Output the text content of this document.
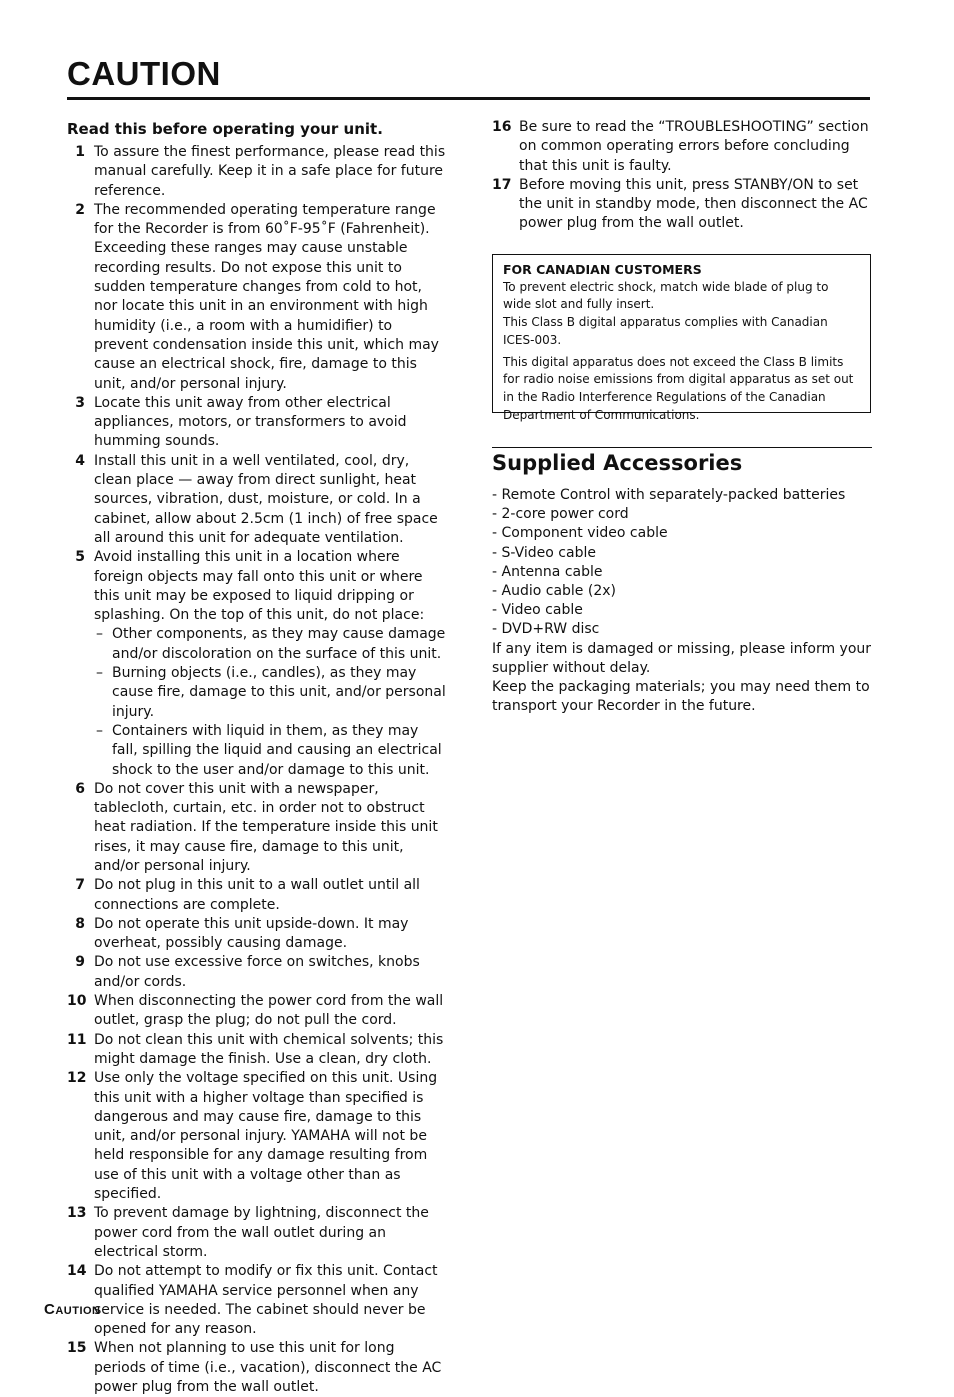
CAUTION
Read this before operating your unit.
1 To assure the finest performance, please read this manual carefully. Keep it in a safe place for future reference.
2 The recommended operating temperature range for the Recorder is from 60˚F-95˚F (Fahrenheit). Exceeding these ranges may cause unstable recording results. Do not expose this unit to sudden temperature changes from cold to hot, nor locate this unit in an environment with high humidity (i.e., a room with a humidifier) to prevent condensation inside this unit, which may cause an electrical shock, fire, damage to this unit, and/or personal injury.
3 Locate this unit away from other electrical appliances, motors, or transformers to avoid humming sounds.
4 Install this unit in a well ventilated, cool, dry, clean place — away from direct sunlight, heat sources, vibration, dust, moisture, or cold. In a cabinet, allow about 2.5cm (1 inch) of free space all around this unit for adequate ventilation.
5 Avoid installing this unit in a location where foreign objects may fall onto this unit or where this unit may be exposed to liquid dripping or splashing. On the top of this unit, do not place:
– Other components, as they may cause damage and/or discoloration on the surface of this unit.
– Burning objects (i.e., candles), as they may cause fire, damage to this unit, and/or personal injury.
– Containers with liquid in them, as they may fall, spilling the liquid and causing an electrical shock to the user and/or damage to this unit.
6 Do not cover this unit with a newspaper, tablecloth, curtain, etc. in order not to obstruct heat radiation. If the temperature inside this unit rises, it may cause fire, damage to this unit, and/or personal injury.
7 Do not plug in this unit to a wall outlet until all connections are complete.
8 Do not operate this unit upside-down. It may overheat, possibly causing damage.
9 Do not use excessive force on switches, knobs and/or cords.
10 When disconnecting the power cord from the wall outlet, grasp the plug; do not pull the cord.
11 Do not clean this unit with chemical solvents; this might damage the finish. Use a clean, dry cloth.
12 Use only the voltage specified on this unit. Using this unit with a higher voltage than specified is dangerous and may cause fire, damage to this unit, and/or personal injury. YAMAHA will not be held responsible for any damage resulting from use of this unit with a voltage other than as specified.
13 To prevent damage by lightning, disconnect the power cord from the wall outlet during an electrical storm.
14 Do not attempt to modify or fix this unit. Contact qualified YAMAHA service personnel when any service is needed. The cabinet should never be opened for any reason.
15 When not planning to use this unit for long periods of time (i.e., vacation), disconnect the AC power plug from the wall outlet.
16 Be sure to read the “TROUBLESHOOTING” section on common operating errors before concluding that this unit is faulty.
17 Before moving this unit, press STANBY/ON to set the unit in standby mode, then disconnect the AC power plug from the wall outlet.

FOR CANADIAN CUSTOMERS

To prevent electric shock, match wide blade of plug to wide slot and fully insert.

This Class B digital apparatus complies with Canadian ICES-003.

This digital apparatus does not exceed the Class B limits for radio noise emissions from digital apparatus as set out in the Radio Interference Regulations of the Canadian Department of Communications.

Supplied Accessories
- Remote Control with separately-packed batteries
- 2-core power cord
- Component video cable
- S-Video cable
- Antenna cable
- Audio cable (2x)
- Video cable
- DVD+RW disc

If any item is damaged or missing, please inform your supplier without delay.

Keep the packaging materials; you may need them to transport your Recorder in the future.

Caution
